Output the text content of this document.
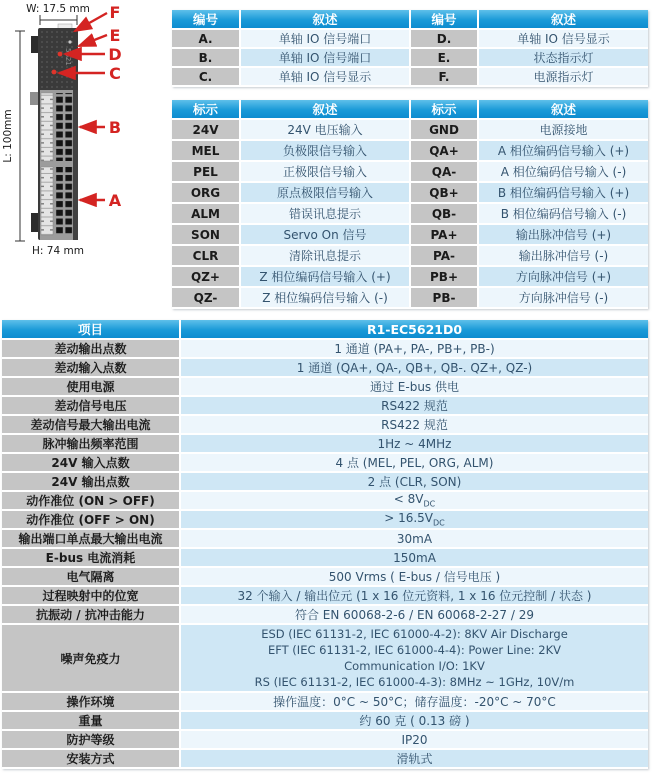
W: 17.5 mm
L: 100mm
H: 74 mm
5621
F
E
D
C
B
A
编号	叙述	编号	叙述
A.	单轴 IO 信号端口	D.	单轴 IO 信号显示
B.	单轴 IO 信号端口	E.	状态指示灯
C.	单轴 IO 信号显示	F.	电源指示灯
标示	叙述	标示	叙述
24V	24V 电压输入	GND	电源接地
MEL	负极限信号输入	QA+	A 相位编码信号输入 (+)
PEL	正极限信号输入	QA-	A 相位编码信号输入 (-)
ORG	原点极限信号输入	QB+	B 相位编码信号输入 (+)
ALM	错误讯息提示	QB-	B 相位编码信号输入 (-)
SON	Servo On 信号	PA+	输出脉冲信号 (+)
CLR	清除讯息提示	PA-	输出脉冲信号 (-)
QZ+	Z 相位编码信号输入 (+)	PB+	方向脉冲信号 (+)
QZ-	Z 相位编码信号输入 (-)	PB-	方向脉冲信号 (-)
项目	R1-EC5621D0
差动输出点数	1 通道 (PA+, PA-, PB+, PB-)
差动输入点数	1 通道 (QA+, QA-, QB+, QB-. QZ+, QZ-)
使用电源	通过 E-bus 供电
差动信号电压	RS422 规范
差动信号最大输出电流	RS422 规范
脉冲输出频率范围	1Hz ~ 4MHz
24V 输入点数	4 点 (MEL, PEL, ORG, ALM)
24V 输出点数	2 点 (CLR, SON)
动作准位 (ON > OFF)	< $8V_{DC}$
动作准位 (OFF > ON)	> $16.5V_{DC}$
输出端口单点最大输出电流	30mA
E-bus 电流消耗	150mA
电气隔离	500 Vrms ( E-bus / 信号电压 )
过程映射中的位宽	32 个输入 / 输出位元 (1 x 16 位元资料, 1 x 16 位元控制 / 状态 )
抗振动 / 抗冲击能力	符合 EN 60068-2-6 / EN 60068-2-27 / 29
噪声免疫力	ESD (IEC 61131-2, IEC 61000-4-2): 8KV Air Discharge
EFT (IEC 61131-2, IEC 61000-4-4): Power Line: 2KV
Communication I/O: 1KV
RS (IEC 61131-2, IEC 61000-4-3): 8MHz ~ 1GHz, 10V/m

操作环境	操作温度：0°C ~ 50°C；储存温度：-20°C ~ 70°C
重量	约 60 克 ( 0.13 磅 )
防护等级	IP20
安装方式	滑轨式
